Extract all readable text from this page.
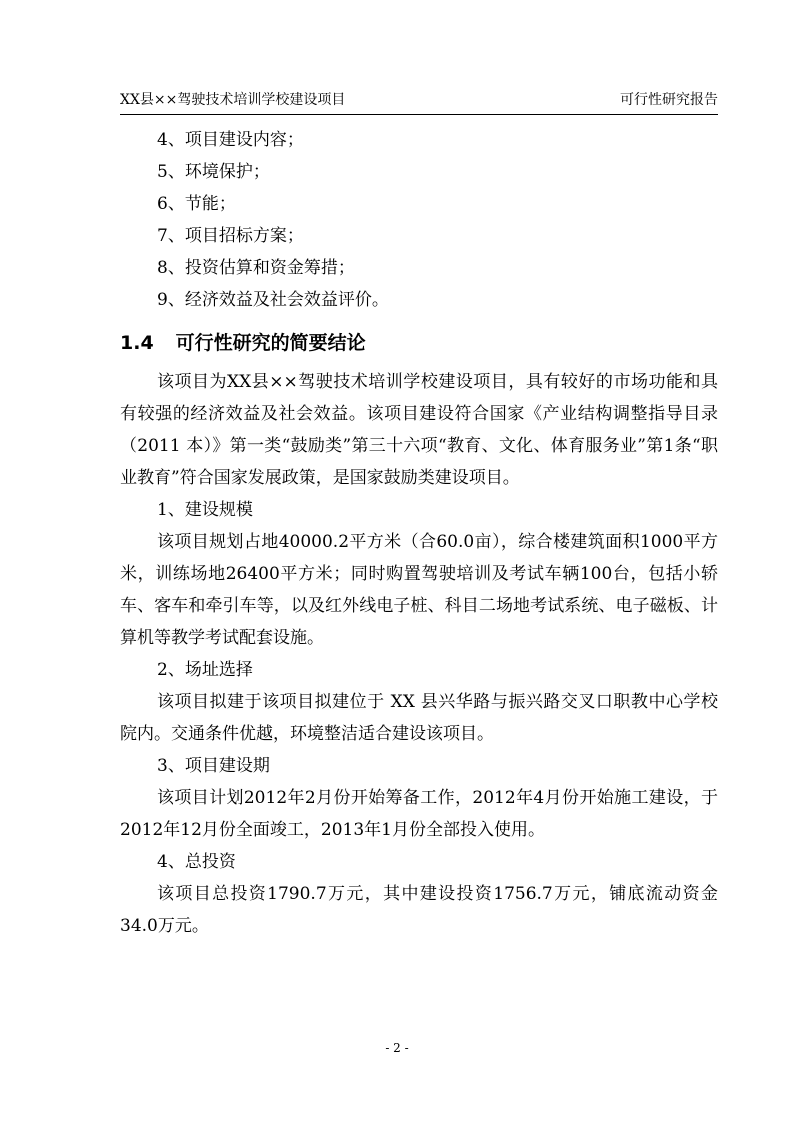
XX县××驾驶技术培训学校建设项目	可行性研究报告

4、项目建设内容；

5、环境保护；

6、节能；

7、项目招标方案；

8、投资估算和资金筹措；

9、经济效益及社会效益评价。

1.4 可行性研究的简要结论

该项目为XX县××驾驶技术培训学校建设项目，具有较好的市场功能和具有较强的经济效益及社会效益。该项目建设符合国家《产业结构调整指导目录（2011 本）》第一类“鼓励类”第三十六项“教育、文化、体育服务业”第1条“职业教育”符合国家发展政策，是国家鼓励类建设项目。

1、建设规模

该项目规划占地40000.2平方米（合60.0亩），综合楼建筑面积1000平方米，训练场地26400平方米；同时购置驾驶培训及考试车辆100台，包括小轿车、客车和牵引车等，以及红外线电子桩、科目二场地考试系统、电子磁板、计算机等教学考试配套设施。

2、场址选择

该项目拟建于该项目拟建位于 XX 县兴华路与振兴路交叉口职教中心学校院内。交通条件优越，环境整洁适合建设该项目。

3、项目建设期

该项目计划2012年2月份开始筹备工作，2012年4月份开始施工建设，于2012年12月份全面竣工，2013年1月份全部投入使用。

4、总投资

该项目总投资1790.7万元，其中建设投资1756.7万元，铺底流动资金34.0万元。

- 2 -
